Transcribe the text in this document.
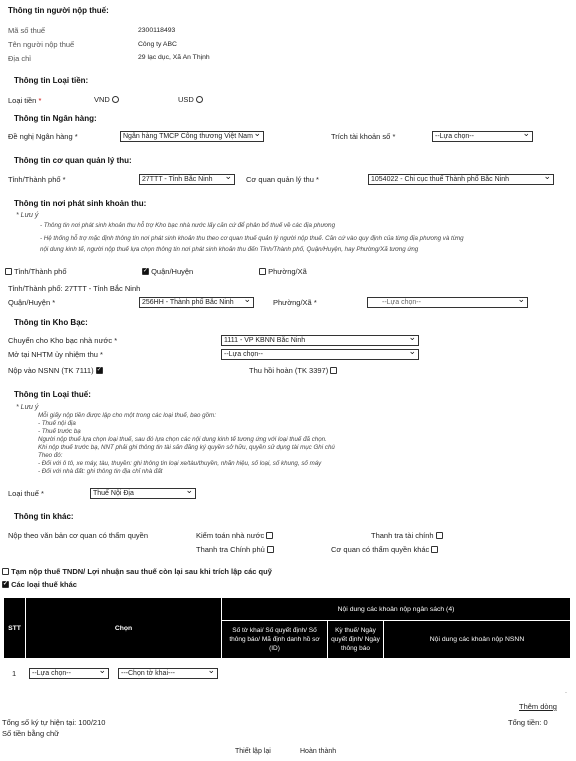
Thông tin người nộp thuế:
Mã số thuế	2300118493
Tên người nộp thuế	Công ty ABC
Địa chỉ	29 lạc dục, Xã An Thịnh
Thông tin Loại tiền:
Loại tiền *	VND	USD
Thông tin Ngân hàng:
Đề nghị Ngân hàng *	Ngân hàng TMCP Công thương Việt Nam ⌄	Trích tài khoản số *	--Lựa chọn-- ⌄
Thông tin cơ quan quản lý thu:
Tỉnh/Thành phố *	27TTT - Tỉnh Bắc Ninh ⌄	Cơ quan quản lý thu *	1054022 - Chi cục thuế Thành phố Bắc Ninh ⌄
Thông tin nơi phát sinh khoản thu:
* Lưu ý
- Thông tin nơi phát sinh khoản thu hỗ trợ Kho bạc nhà nước lấy căn cứ để phân bổ thuế về các địa phương
- Hệ thống hỗ trợ mặc định thông tin nơi phát sinh khoản thu theo cơ quan thuế quản lý người nộp thuế. Căn cứ vào quy định của từng địa phương và từng
nội dung kinh tế, người nộp thuế lựa chọn thông tin nơi phát sinh khoản thu đến Tỉnh/Thành phố, Quận/Huyện, hay Phường/Xã tương ứng
Tỉnh/Thành phố ✓	Quận/Huyện	Phường/Xã
Tỉnh/Thành phố: 27TTT - Tỉnh Bắc Ninh
Quận/Huyện *	256HH - Thành phố Bắc Ninh ⌄	Phường/Xã *	--Lựa chọn-- ⌄
Thông tin Kho Bạc:
Chuyển cho Kho bạc nhà nước *	1111 - VP KBNN Bắc Ninh ⌄
Mở tại NHTM ủy nhiệm thu *	--Lựa chọn-- ⌄
Nộp vào NSNN (TK 7111) ✓	Thu hồi hoàn (TK 3397)
Thông tin Loại thuế:
* Lưu ý
Mỗi giấy nộp tiền được lập cho một trong các loại thuế, bao gồm:
- Thuế nội địa
- Thuế trước bạ
Người nộp thuế lựa chọn loại thuế, sau đó lựa chọn các nội dung kinh tế tương ứng với loại thuế đã chọn.
Khi nộp thuế trước bạ, NNT phải ghi thông tin tài sản đăng ký quyền sở hữu, quyền sử dụng tài mục Ghi chú
Theo đó:
- Đối với ô tô, xe máy, tàu, thuyền: ghi thông tin loại xe/tàu/thuyền, nhãn hiệu, số loại, số khung, số máy
- Đối với nhà đất: ghi thông tin địa chỉ nhà đất
Loại thuế *	Thuế Nội Địa ⌄
Thông tin khác:
Nộp theo văn bản cơ quan có thẩm quyền	Kiểm toán nhà nước	Thanh tra tài chính
Thanh tra Chính phủ	Cơ quan có thẩm quyền khác
Tạm nộp thuế TNDN/ Lợi nhuận sau thuế còn lại sau khi trích lập các quỹ
✓ Các loại thuế khác
STT	Chọn	Nội dung các khoản nộp ngân sách (4)		
		Số tờ khai/ Số quyết định/ Số thông báo/ Mã định danh hồ sơ (ID)	Kỳ thuế/ Ngày quyết định/ Ngày thông báo	Nội dung các khoản nộp NSNN
1	--Lựa chọn-- ⌄	---Chọn tờ khai--- ⌄
·
Thêm dòng
Tổng số ký tự hiện tại: 100/210	Tổng tiền: 0
Số tiền bằng chữ
Thiết lập lại	Hoàn thành
